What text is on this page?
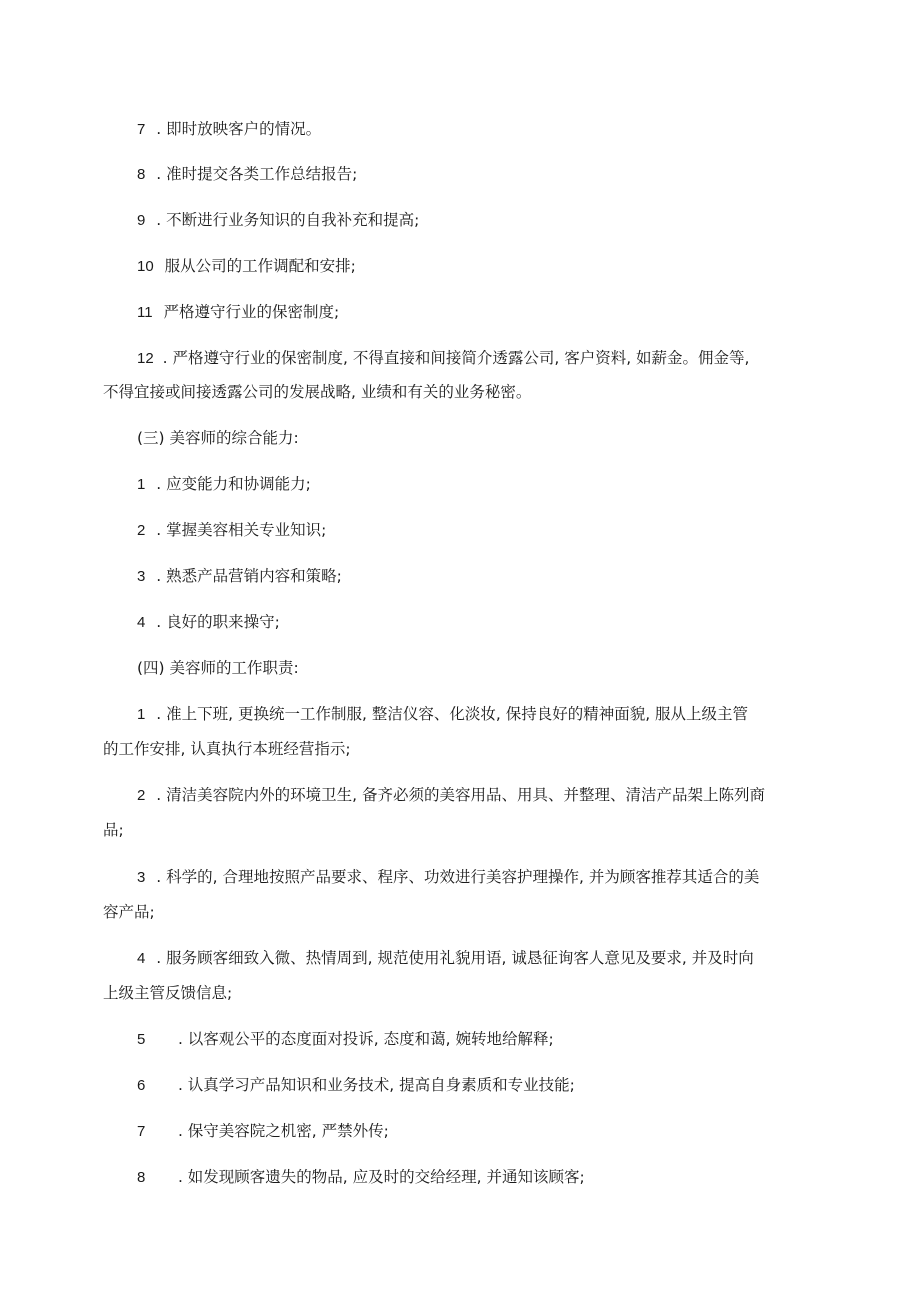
7 . 即时放映客户的情况。
8 . 准时提交各类工作总结报告;
9 . 不断进行业务知识的自我补充和提高;
10 服从公司的工作调配和安排;
11 严格遵守行业的保密制度;
12 . 严格遵守行业的保密制度, 不得直接和间接简介透露公司, 客户资料, 如薪金。佣金等,
不得宜接或间接透露公司的发展战略, 业绩和有关的业务秘密。
(三) 美容师的综合能力:
1 . 应变能力和协调能力;
2 . 掌握美容相关专业知识;
3 . 熟悉产品营销内容和策略;
4 . 良好的职来操守;
(四) 美容师的工作职责:
1 . 准上下班, 更换统一工作制服, 整洁仪容、化淡妆, 保持良好的精神面貌, 服从上级主管
的工作安排, 认真执行本班经营指示;
2 . 清洁美容院内外的环境卫生, 备齐必须的美容用品、用具、并整理、清洁产品架上陈列商
品;
3 . 科学的, 合理地按照产品要求、程序、功效进行美容护理操作, 并为顾客推荐其适合的美
容产品;
4 . 服务顾客细致入微、热情周到, 规范使用礼貌用语, 诚恳征询客人意见及要求, 并及时向
上级主管反馈信息;
5 . 以客观公平的态度面对投诉, 态度和蔼, 婉转地给解释;
6 . 认真学习产品知识和业务技术, 提高自身素质和专业技能;
7 . 保守美容院之机密, 严禁外传;
8 . 如发现顾客遗失的物品, 应及时的交给经理, 并通知该顾客;
